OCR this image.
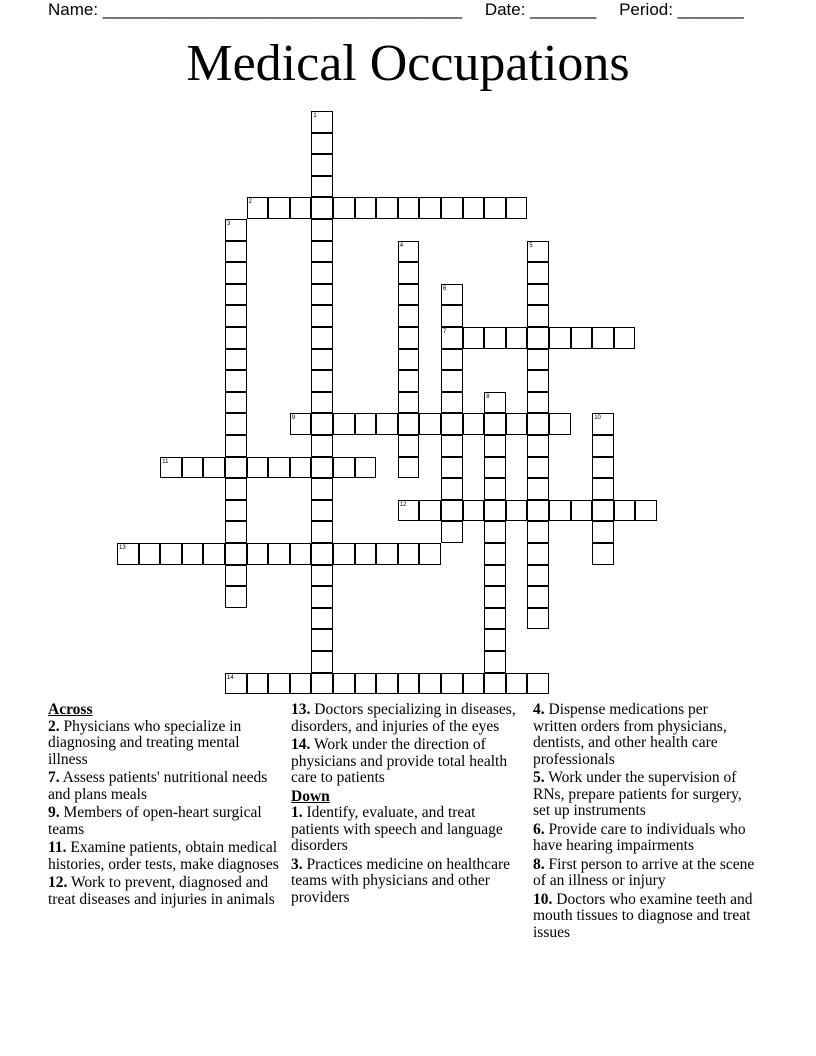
Name: ______________________________________ Date: _______ Period: _______
Medical Occupations
1
2
3
4	5
6
7
8
9	10
11
12
13
14
Across
2. Physicians who specialize in diagnosing and treating mental illness
7. Assess patients' nutritional needs and plans meals
9. Members of open-heart surgical teams
11. Examine patients, obtain medical histories, order tests, make diagnoses
12. Work to prevent, diagnosed and treat diseases and injuries in animals
13. Doctors specializing in diseases, disorders, and injuries of the eyes
14. Work under the direction of physicians and provide total health care to patients
Down
1. Identify, evaluate, and treat patients with speech and language disorders
3. Practices medicine on healthcare teams with physicians and other providers
4. Dispense medications per written orders from physicians, dentists, and other health care professionals
5. Work under the supervision of RNs, prepare patients for surgery, set up instruments
6. Provide care to individuals who have hearing impairments
8. First person to arrive at the scene of an illness or injury
10. Doctors who examine teeth and mouth tissues to diagnose and treat issues
